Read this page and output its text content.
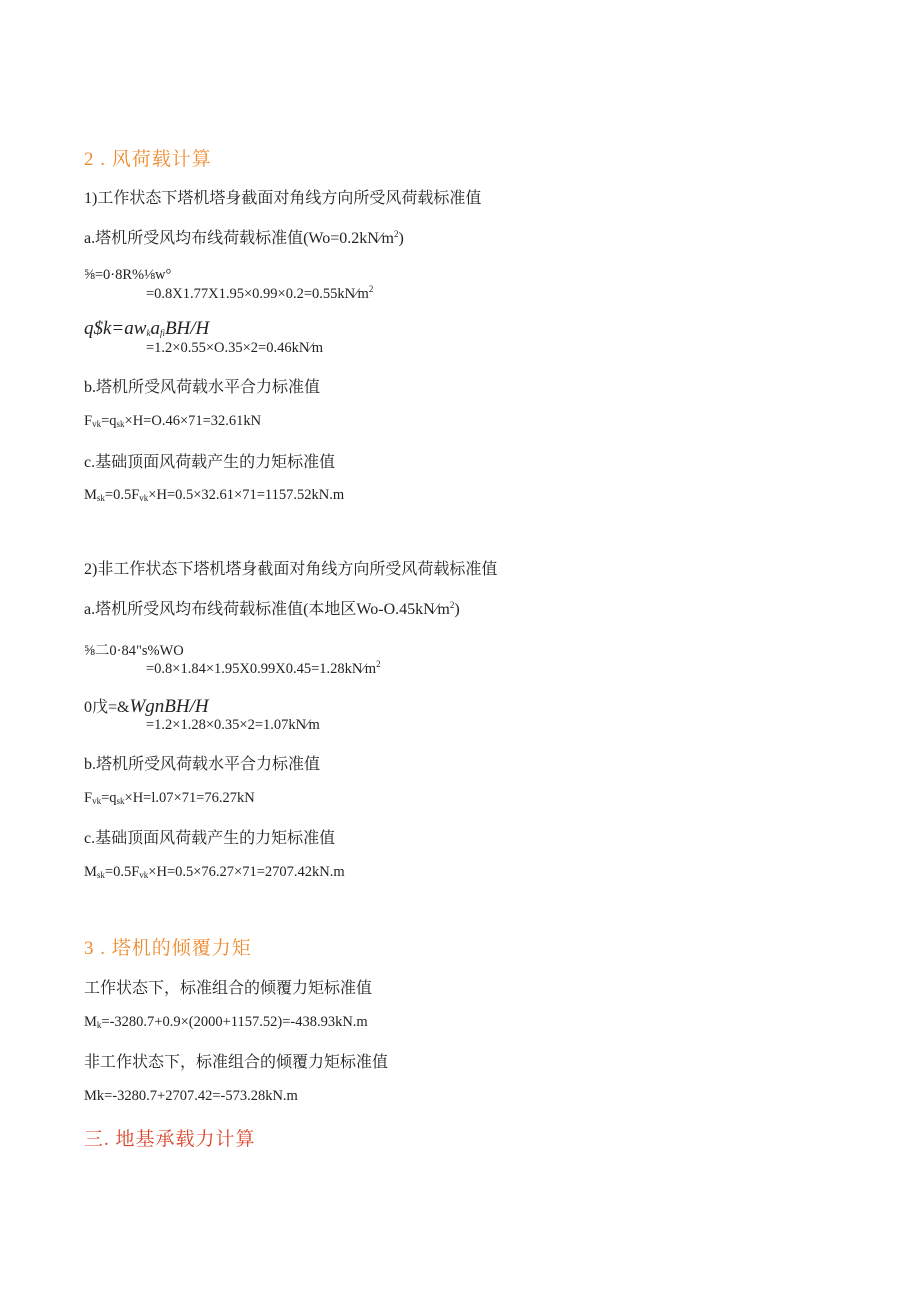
2 . 风荷载计算
1)工作状态下塔机塔身截面对角线方向所受风荷载标准值
a.塔机所受风均布线荷载标准值$(Wo=0.2kN∕m^2)$
⅝=0·8R%⅛w°
$=0.8X1.77X1.95\times 0.99\times 0.2=0.55kN∕m^2$
$q\$k=aw_ka_{fi}BH/H$
=1.2×0.55×O.35×2=0.46kN∕m
b.塔机所受风荷载水平合力标准值
$F_{vk}=q_{sk}\times H=O.46\times 71=32.61kN$
c.基础顶面风荷载产生的力矩标准值
$M_{sk}=0.5F_{vk}\times H=0.5\times 32.61\times 71=1157.52kN.m$
2)非工作状态下塔机塔身截面对角线方向所受风荷载标准值
a.塔机所受风均布线荷载标准值(本地区$Wo-O.45kN∕m^2$)
⅝二0·84"s%WO
$=0.8\times 1.84\times 1.95X0.99X0.45=1.28kN∕m^2$
0戊=&WgnBH/H
=1.2×1.28×0.35×2=1.07kN∕m
b.塔机所受风荷载水平合力标准值
$F_{vk}=q_{sk}\times H=l.07\times 71=76.27kN$
c.基础顶面风荷载产生的力矩标准值
$M_{sk}=0.5F_{vk}\times H=0.5\times 76.27\times 71=2707.42kN.m$
3 . 塔机的倾覆力矩
工作状态下，标准组合的倾覆力矩标准值
$M_k=-3280.7+0.9\times(2000+1157.52)=-438.93kN.m$
非工作状态下，标准组合的倾覆力矩标准值
Mk=-3280.7+2707.42=-573.28kN.m
三. 地基承载力计算
